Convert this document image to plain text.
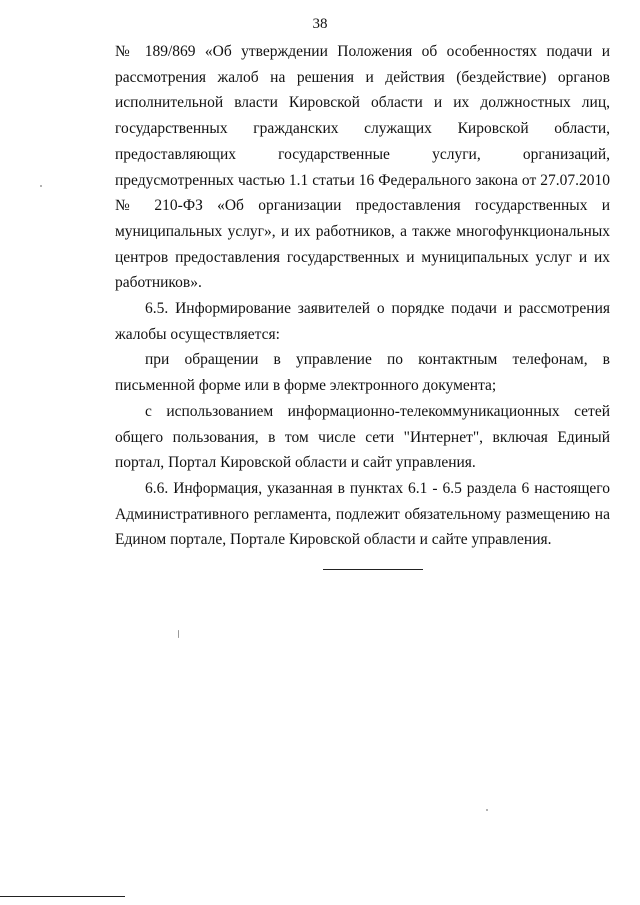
38

№ 189/869 «Об утверждении Положения об особенностях подачи и рассмотрения жалоб на решения и действия (бездействие) органов исполнительной власти Кировской области и их должностных лиц, государственных гражданских служащих Кировской области, предоставляющих государственные услуги, организаций, предусмотренных частью 1.1 статьи 16 Федерального закона от 27.07.2010 № 210-ФЗ «Об организации предоставления государственных и муниципальных услуг», и их работников, а также многофункциональных центров предоставления государственных и муниципальных услуг и их работников».

6.5. Информирование заявителей о порядке подачи и рассмотрения жалобы осуществляется:

при обращении в управление по контактным телефонам, в письменной форме или в форме электронного документа;

с использованием информационно-телекоммуникационных сетей общего пользования, в том числе сети "Интернет", включая Единый портал, Портал Кировской области и сайт управления.

6.6. Информация, указанная в пунктах 6.1 - 6.5 раздела 6 настоящего Административного регламента, подлежит обязательному размещению на Едином портале, Портале Кировской области и сайте управления.
